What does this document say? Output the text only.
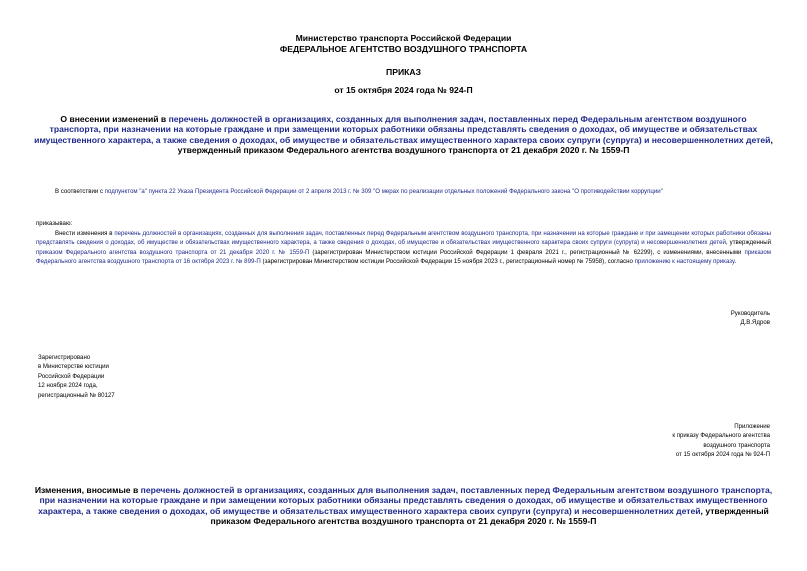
Министерство транспорта Российской Федерации
ФЕДЕРАЛЬНОЕ АГЕНТСТВО ВОЗДУШНОГО ТРАНСПОРТА
ПРИКАЗ
от 15 октября 2024 года № 924-П
О внесении изменений в перечень должностей в организациях, созданных для выполнения задач, поставленных перед Федеральным агентством воздушного транспорта, при назначении на которые граждане и при замещении которых работники обязаны представлять сведения о доходах, об имуществе и обязательствах имущественного характера, а также сведения о доходах, об имуществе и обязательствах имущественного характера своих супруги (супруга) и несовершеннолетних детей, утвержденный приказом Федерального агентства воздушного транспорта от 21 декабря 2020 г. № 1559-П
В соответствии с подпунктом "а" пункта 22 Указа Президента Российской Федерации от 2 апреля 2013 г. № 309 "О мерах по реализации отдельных положений Федерального закона "О противодействии коррупции"
приказываю:
Внести изменения в перечень должностей в организациях, созданных для выполнения задач, поставленных перед Федеральным агентством воздушного транспорта, при назначении на которые граждане и при замещении которых работники обязаны представлять сведения о доходах, об имуществе и обязательствах имущественного характера, а также сведения о доходах, об имуществе и обязательствах имущественного характера своих супруги (супруга) и несовершеннолетних детей, утвержденный приказом Федерального агентства воздушного транспорта от 21 декабря 2020 г. № 1559-П (зарегистрирован Министерством юстиции Российской Федерации 1 февраля 2021 г., регистрационный № 62299), с изменениями, внесенными приказом Федерального агентства воздушного транспорта от 16 октября 2023 г. № 899-П (зарегистрирован Министерством юстиции Российской Федерации 15 ноября 2023 г., регистрационный номер № 75958), согласно приложению к настоящему приказу.

Руководитель

Д.В.Ядров

Зарегистрировано

в Министерстве юстиции

Российской Федерации

12 ноября 2024 года,

регистрационный № 80127

Приложение

к приказу Федерального агентства

воздушного транспорта

от 15 октября 2024 года № 924-П

Изменения, вносимые в перечень должностей в организациях, созданных для выполнения задач, поставленных перед Федеральным агентством воздушного транспорта, при назначении на которые граждане и при замещении которых работники обязаны представлять сведения о доходах, об имуществе и обязательствах имущественного характера, а также сведения о доходах, об имуществе и обязательствах имущественного характера своих супруги (супруга) и несовершеннолетних детей, утвержденный приказом Федерального агентства воздушного транспорта от 21 декабря 2020 г. № 1559-П
